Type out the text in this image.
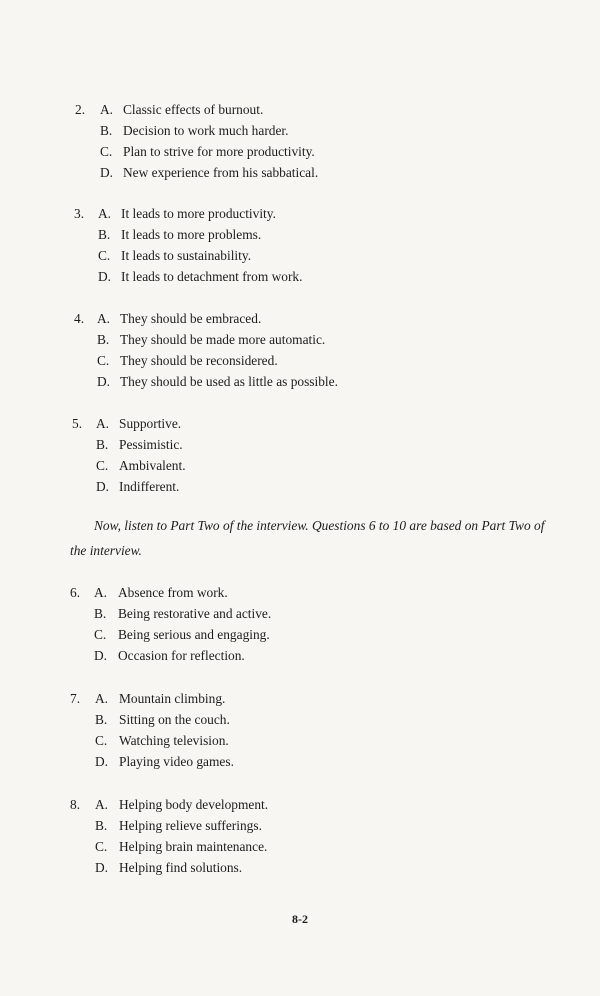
2.	A. Classic effects of burnout.
B. Decision to work much harder.
C. Plan to strive for more productivity.
D. New experience from his sabbatical.
3.	A. It leads to more productivity.
B. It leads to more problems.
C. It leads to sustainability.
D. It leads to detachment from work.
4. A. They should be embraced.
B. They should be made more automatic.
C. They should be reconsidered.
D. They should be used as little as possible.
5.	A. Supportive.
B. Pessimistic.
C. Ambivalent.
D. Indifferent.

Now, listen to Part Two of the interview. Questions 6 to 10 are based on Part Two of the interview.

6.	A. Absence from work.
B. Being restorative and active.
C. Being serious and engaging.
D. Occasion for reflection.
7.	A. Mountain climbing.
B. Sitting on the couch.
C. Watching television.
D. Playing video games.
8.	A. Helping body development.
B. Helping relieve sufferings.
C. Helping brain maintenance.
D. Helping find solutions.
8-2
